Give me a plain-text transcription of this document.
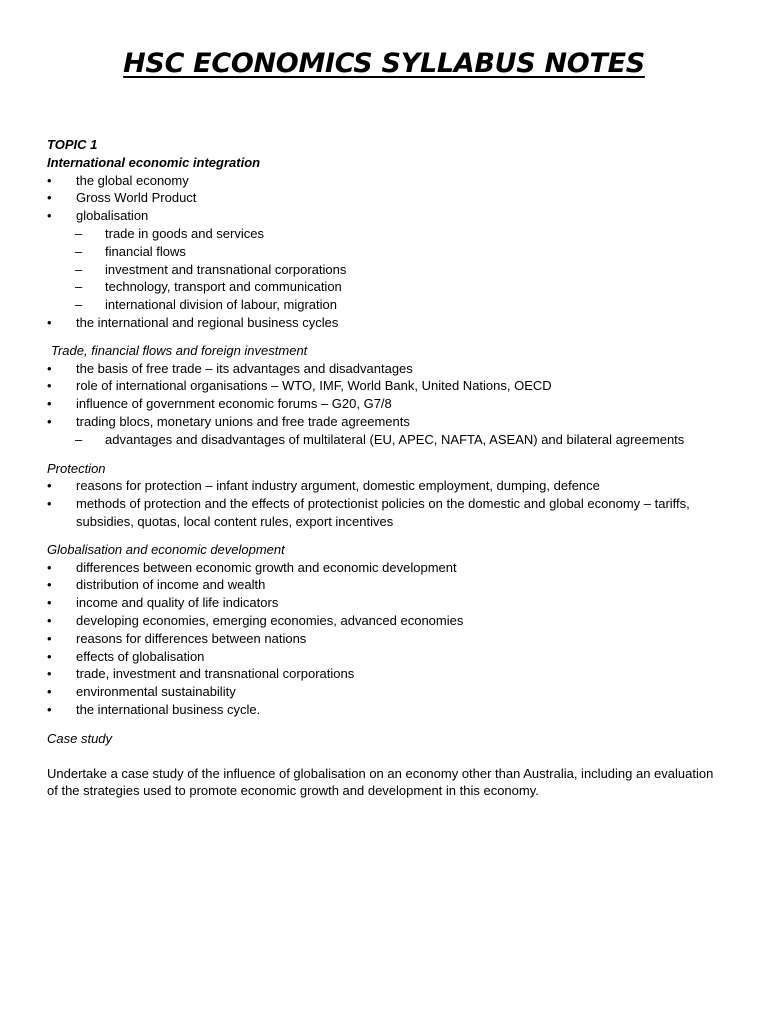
HSC ECONOMICS SYLLABUS NOTES

TOPIC 1

International economic integration

• the global economy

• Gross World Product

• globalisation

– trade in goods and services

– financial flows

– investment and transnational corporations

– technology, transport and communication

– international division of labour, migration

• the international and regional business cycles

Trade, financial flows and foreign investment

• the basis of free trade – its advantages and disadvantages

• role of international organisations – WTO, IMF, World Bank, United Nations, OECD

• influence of government economic forums – G20, G7/8

• trading blocs, monetary unions and free trade agreements

– advantages and disadvantages of multilateral (EU, APEC, NAFTA, ASEAN) and bilateral agreements

Protection

• reasons for protection – infant industry argument, domestic employment, dumping, defence

• methods of protection and the effects of protectionist policies on the domestic and global economy – tariffs, subsidies, quotas, local content rules, export incentives

Globalisation and economic development

• differences between economic growth and economic development

• distribution of income and wealth

• income and quality of life indicators

• developing economies, emerging economies, advanced economies

• reasons for differences between nations

• effects of globalisation

• trade, investment and transnational corporations

• environmental sustainability

• the international business cycle.

Case study

Undertake a case study of the influence of globalisation on an economy other than Australia, including an evaluation of the strategies used to promote economic growth and development in this economy.
